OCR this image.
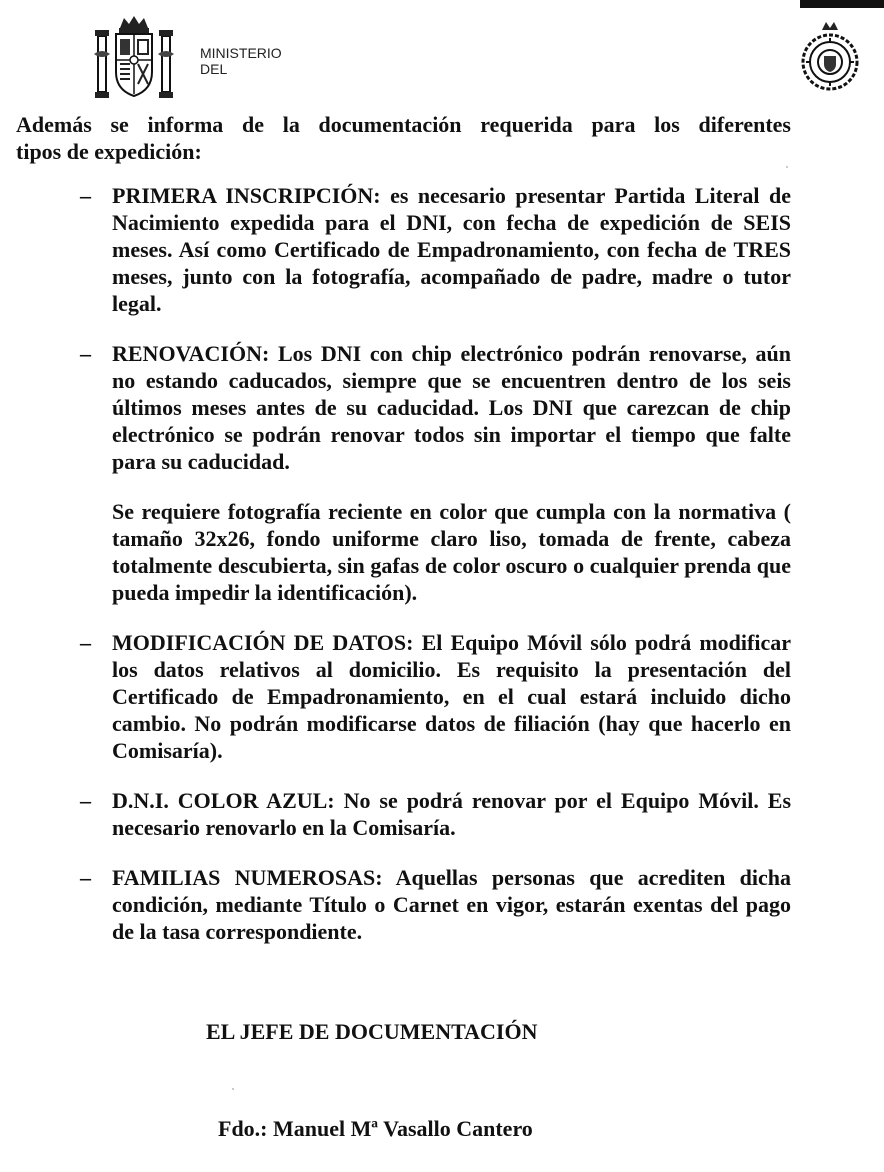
MINISTERIO
DEL

Además se informa de la documentación requerida para los diferentes
tipos de expedición:

– PRIMERA INSCRIPCIÓN: es necesario presentar Partida Literal de Nacimiento expedida para el DNI, con fecha de expedición de SEIS meses. Así como Certificado de Empadronamiento, con fecha de TRES meses, junto con la fotografía, acompañado de padre, madre o tutor legal.

– RENOVACIÓN: Los DNI con chip electrónico podrán renovarse, aún no estando caducados, siempre que se encuentren dentro de los seis últimos meses antes de su caducidad. Los DNI que carezcan de chip electrónico se podrán renovar todos sin importar el tiempo que falte para su caducidad.

Se requiere fotografía reciente en color que cumpla con la normativa ( tamaño 32x26, fondo uniforme claro liso, tomada de frente, cabeza totalmente descubierta, sin gafas de color oscuro o cualquier prenda que pueda impedir la identificación).

– MODIFICACIÓN DE DATOS: El Equipo Móvil sólo podrá modificar los datos relativos al domicilio. Es requisito la presentación del Certificado de Empadronamiento, en el cual estará incluido dicho cambio. No podrán modificarse datos de filiación (hay que hacerlo en Comisaría).

– D.N.I. COLOR AZUL: No se podrá renovar por el Equipo Móvil. Es necesario renovarlo en la Comisaría.

– FAMILIAS NUMEROSAS: Aquellas personas que acrediten dicha condición, mediante Título o Carnet en vigor, estarán exentas del pago de la tasa correspondiente.

EL JEFE DE DOCUMENTACIÓN
Fdo.: Manuel Mª Vasallo Cantero
